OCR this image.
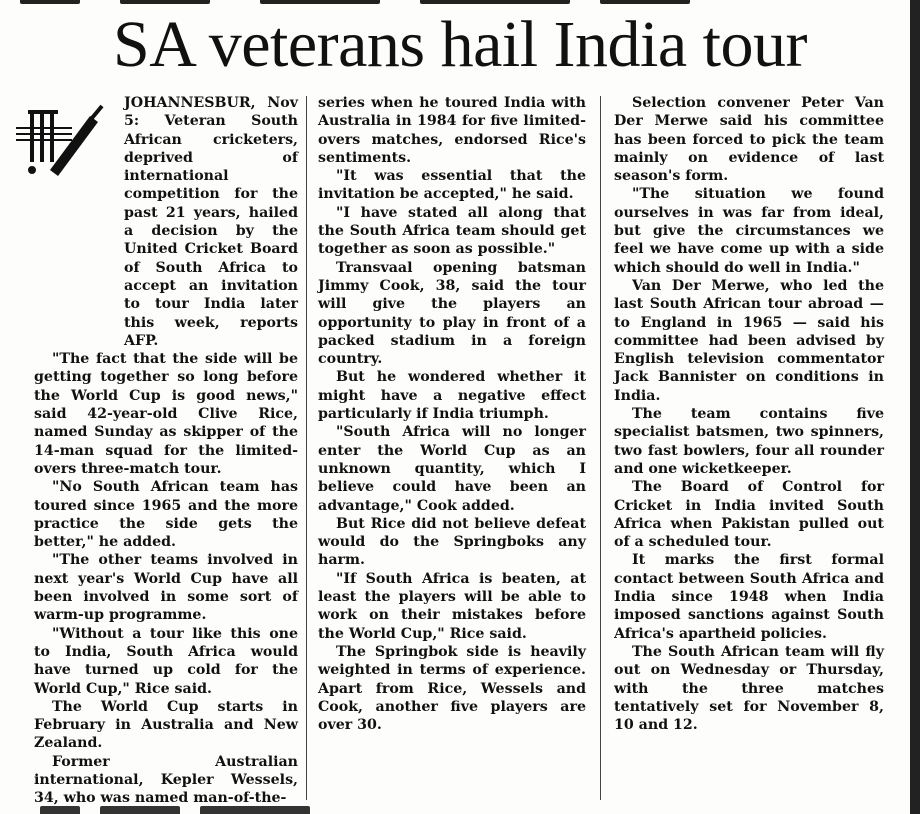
SA veterans hail India tour

JOHANNESBUR, Nov 5: Veteran South African cricketers, deprived of international competition for the past 21 years, hailed a decision by the United Cricket Board of South Africa to accept an invitation to tour India later this week, reports AFP.

"The fact that the side will be getting together so long before the World Cup is good news," said 42-year-old Clive Rice, named Sunday as skipper of the 14-man squad for the limited-overs three-match tour.

"No South African team has toured since 1965 and the more practice the side gets the better," he added.

"The other teams involved in next year's World Cup have all been involved in some sort of warm-up programme.

"Without a tour like this one to India, South Africa would have turned up cold for the World Cup," Rice said.

The World Cup starts in February in Australia and New Zealand.

Former Australian international, Kepler Wessels, 34, who was named man-of-the-

series when he toured India with Australia in 1984 for five limited-overs matches, endorsed Rice's sentiments.

"It was essential that the invitation be accepted," he said.

"I have stated all along that the South Africa team should get together as soon as possible."

Transvaal opening batsman Jimmy Cook, 38, said the tour will give the players an opportunity to play in front of a packed stadium in a foreign country.

But he wondered whether it might have a negative effect particularly if India triumph.

"South Africa will no longer enter the World Cup as an unknown quantity, which I believe could have been an advantage," Cook added.

But Rice did not believe defeat would do the Springboks any harm.

"If South Africa is beaten, at least the players will be able to work on their mistakes before the World Cup," Rice said.

The Springbok side is heavily weighted in terms of experience. Apart from Rice, Wessels and Cook, another five players are over 30.

Selection convener Peter Van Der Merwe said his committee has been forced to pick the team mainly on evidence of last season's form.

"The situation we found ourselves in was far from ideal, but give the circumstances we feel we have come up with a side which should do well in India."

Van Der Merwe, who led the last South African tour abroad — to England in 1965 — said his committee had been advised by English television commentator Jack Bannister on conditions in India.

The team contains five specialist batsmen, two spinners, two fast bowlers, four all rounder and one wicketkeeper.

The Board of Control for Cricket in India invited South Africa when Pakistan pulled out of a scheduled tour.

It marks the first formal contact between South Africa and India since 1948 when India imposed sanctions against South Africa's apartheid policies.

The South African team will fly out on Wednesday or Thursday, with the three matches tentatively set for November 8, 10 and 12.
